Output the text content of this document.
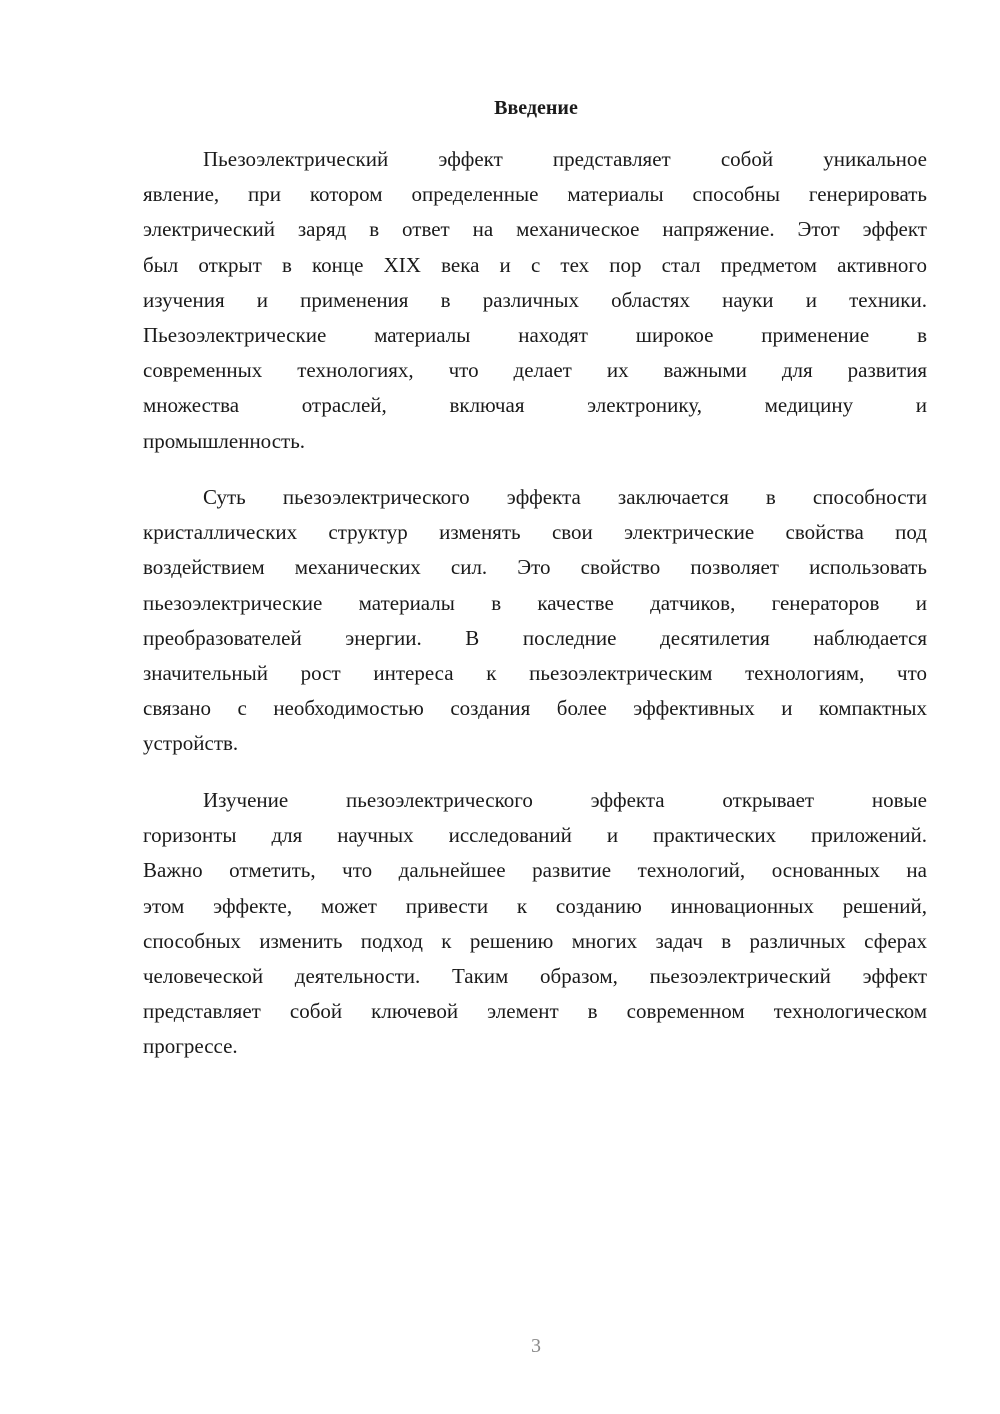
Введение
Пьезоэлектрический эффект представляет собой уникальное
явление, при котором определенные материалы способны генерировать
электрический заряд в ответ на механическое напряжение. Этот эффект
был открыт в конце XIX века и с тех пор стал предметом активного
изучения и применения в различных областях науки и техники.
Пьезоэлектрические материалы находят широкое применение в
современных технологиях, что делает их важными для развития
множества отраслей, включая электронику, медицину и
промышленность.
Суть пьезоэлектрического эффекта заключается в способности
кристаллических структур изменять свои электрические свойства под
воздействием механических сил. Это свойство позволяет использовать
пьезоэлектрические материалы в качестве датчиков, генераторов и
преобразователей энергии. В последние десятилетия наблюдается
значительный рост интереса к пьезоэлектрическим технологиям, что
связано с необходимостью создания более эффективных и компактных
устройств.
Изучение пьезоэлектрического эффекта открывает новые
горизонты для научных исследований и практических приложений.
Важно отметить, что дальнейшее развитие технологий, основанных на
этом эффекте, может привести к созданию инновационных решений,
способных изменить подход к решению многих задач в различных сферах
человеческой деятельности. Таким образом, пьезоэлектрический эффект
представляет собой ключевой элемент в современном технологическом
прогрессе.
3
